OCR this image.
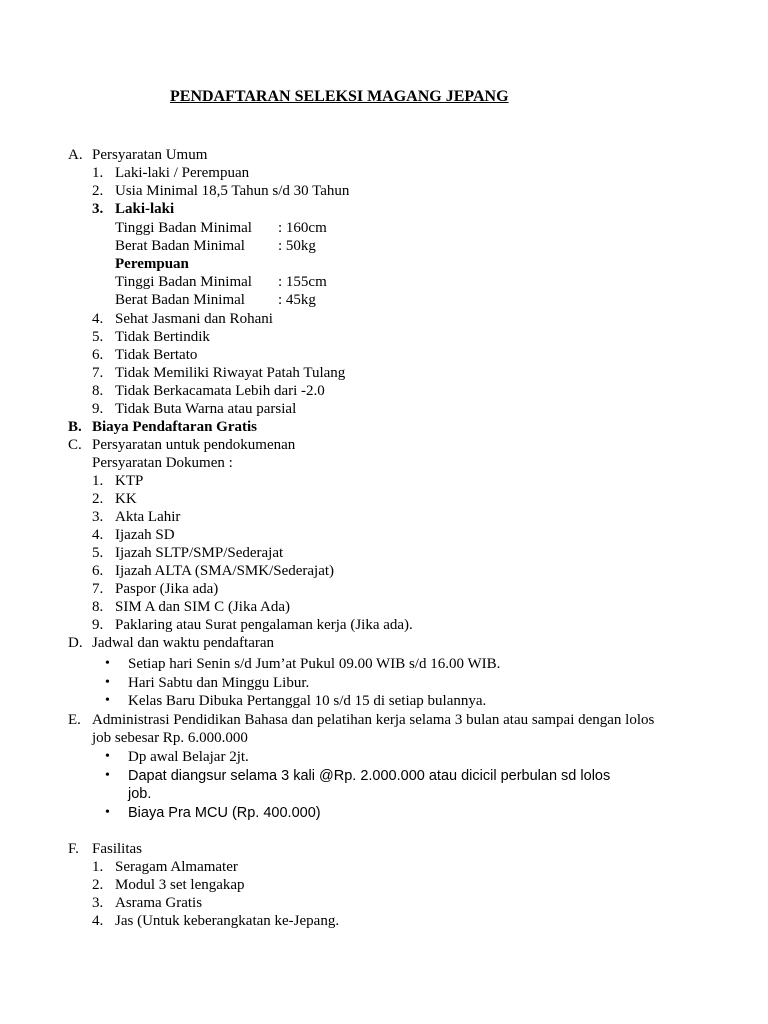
PENDAFTARAN SELEKSI MAGANG JEPANG
A. Persyaratan Umum
1. Laki-laki / Perempuan
2. Usia Minimal 18,5 Tahun s/d 30 Tahun
3. Laki-laki
Tinggi Badan Minimal : 160cm
Berat Badan Minimal : 50kg
Perempuan
Tinggi Badan Minimal : 155cm
Berat Badan Minimal : 45kg
4. Sehat Jasmani dan Rohani
5. Tidak Bertindik
6. Tidak Bertato
7. Tidak Memiliki Riwayat Patah Tulang
8. Tidak Berkacamata Lebih dari -2.0
9. Tidak Buta Warna atau parsial
B. Biaya Pendaftaran Gratis
C. Persyaratan untuk pendokumenan
Persyaratan Dokumen :
1. KTP
2. KK
3. Akta Lahir
4. Ijazah SD
5. Ijazah SLTP/SMP/Sederajat
6. Ijazah ALTA (SMA/SMK/Sederajat)
7. Paspor (Jika ada)
8. SIM A dan SIM C (Jika Ada)
9. Paklaring atau Surat pengalaman kerja (Jika ada).
D. Jadwal dan waktu pendaftaran
• Setiap hari Senin s/d Jum’at Pukul 09.00 WIB s/d 16.00 WIB.
• Hari Sabtu dan Minggu Libur.
• Kelas Baru Dibuka Pertanggal 10 s/d 15 di setiap bulannya.
E. Administrasi Pendidikan Bahasa dan pelatihan kerja selama 3 bulan atau sampai dengan lolos
job sebesar Rp. 6.000.000
• Dp awal Belajar 2jt.
• Dapat diangsur selama 3 kali @Rp. 2.000.000 atau dicicil perbulan sd lolos
job.
• Biaya Pra MCU (Rp. 400.000)
F. Fasilitas
1. Seragam Almamater
2. Modul 3 set lengakap
3. Asrama Gratis
4. Jas (Untuk keberangkatan ke-Jepang.
